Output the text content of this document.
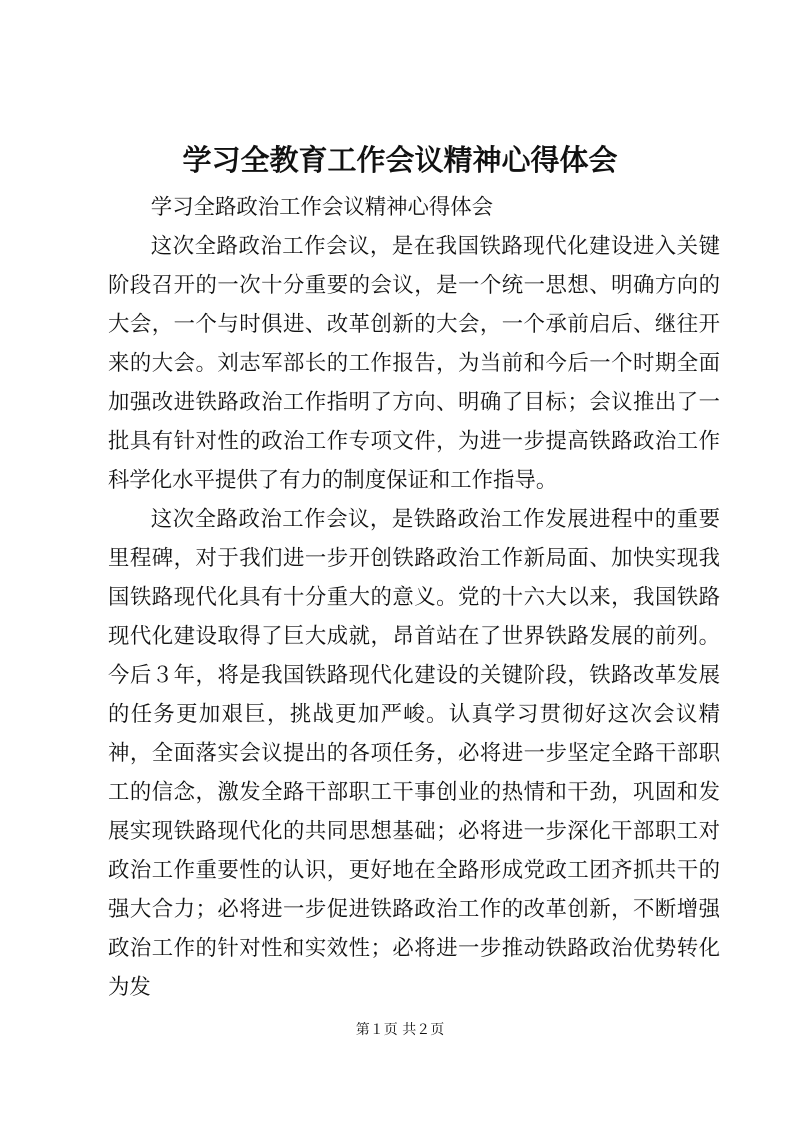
学习全教育工作会议精神心得体会

学习全路政治工作会议精神心得体会

这次全路政治工作会议，是在我国铁路现代化建设进入关键阶段召开的一次十分重要的会议，是一个统一思想、明确方向的大会，一个与时俱进、改革创新的大会，一个承前启后、继往开来的大会。刘志军部长的工作报告，为当前和今后一个时期全面加强改进铁路政治工作指明了方向、明确了目标；会议推出了一批具有针对性的政治工作专项文件，为进一步提高铁路政治工作科学化水平提供了有力的制度保证和工作指导。

这次全路政治工作会议，是铁路政治工作发展进程中的重要里程碑，对于我们进一步开创铁路政治工作新局面、加快实现我国铁路现代化具有十分重大的意义。党的十六大以来，我国铁路现代化建设取得了巨大成就，昂首站在了世界铁路发展的前列。今后３年，将是我国铁路现代化建设的关键阶段，铁路改革发展的任务更加艰巨，挑战更加严峻。认真学习贯彻好这次会议精神，全面落实会议提出的各项任务，必将进一步坚定全路干部职工的信念，激发全路干部职工干事创业的热情和干劲，巩固和发展实现铁路现代化的共同思想基础；必将进一步深化干部职工对政治工作重要性的认识，更好地在全路形成党政工团齐抓共干的强大合力；必将进一步促进铁路政治工作的改革创新，不断增强政治工作的针对性和实效性；必将进一步推动铁路政治优势转化为发

第１页 共２页
